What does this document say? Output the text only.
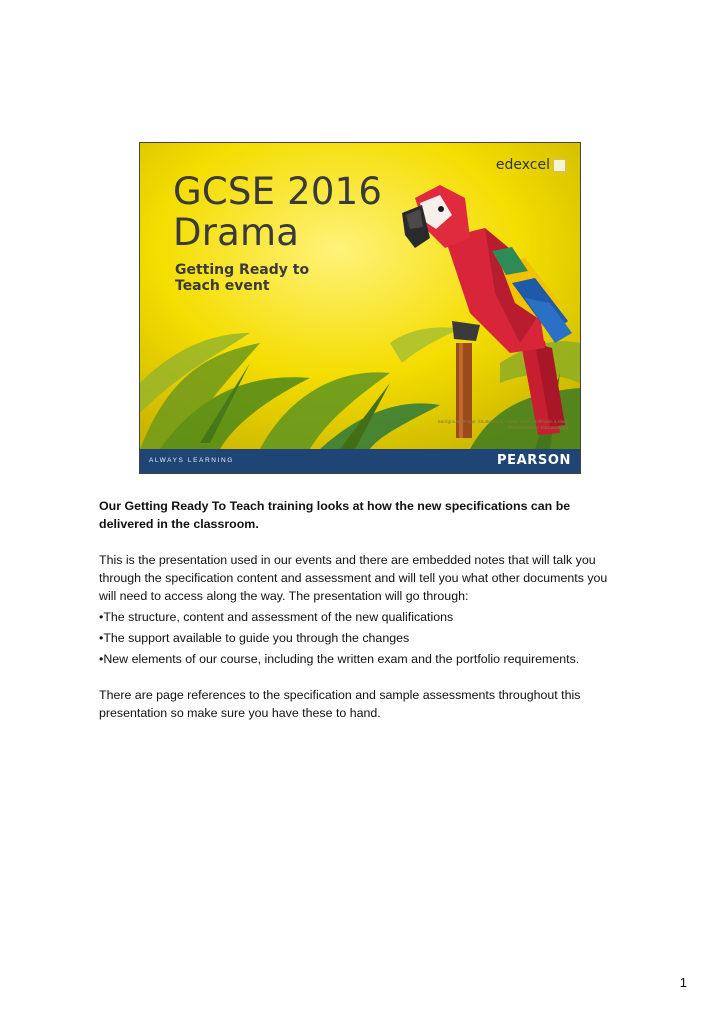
edexcel
GCSE 2016
Drama
Getting Ready to
Teach event
Background image: Shutterstock; Parrot: Justin Hoffmann & Mark Bushe/Pearson Education Ltd
ALWAYS LEARNING	PEARSON

Our Getting Ready To Teach training looks at how the new specifications can be delivered in the classroom.

This is the presentation used in our events and there are embedded notes that will talk you through the specification content and assessment and will tell you what other documents you will need to access along the way. The presentation will go through:

•The structure, content and assessment of the new qualifications

•The support available to guide you through the changes

•New elements of our course, including the written exam and the portfolio requirements.

There are page references to the specification and sample assessments throughout this presentation so make sure you have these to hand.

1
